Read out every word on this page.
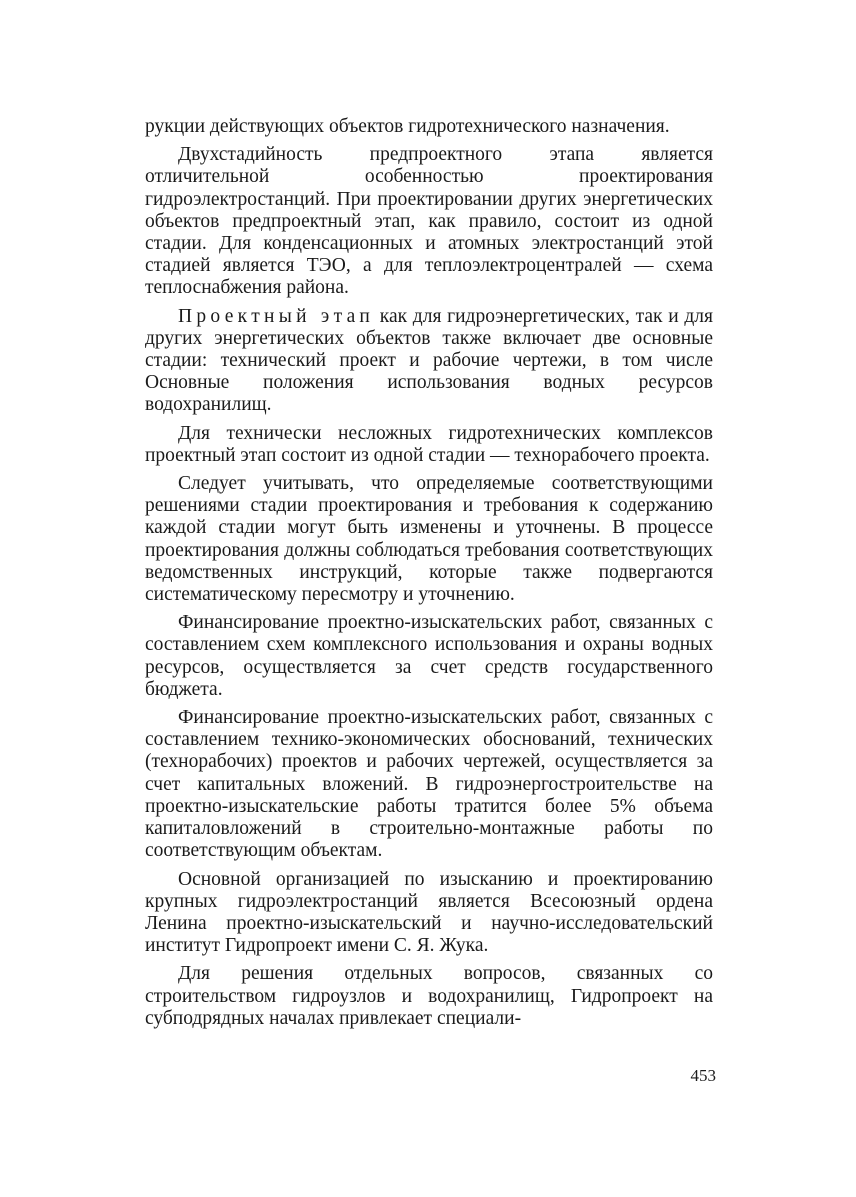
рукции действующих объектов гидротехнического назначения.

Двухстадийность предпроектного этапа является отличительной особенностью проектирования гидроэлектростанций. При проектировании других энергетических объектов предпроектный этап, как правило, состоит из одной стадии. Для конденсационных и атомных электростанций этой стадией является ТЭО, а для теплоэлектроцентралей — схема теплоснабжения района.

Проектный этап как для гидроэнергетических, так и для других энергетических объектов также включает две основные стадии: технический проект и рабочие чертежи, в том числе Основные положения использования водных ресурсов водохранилищ.

Для технически несложных гидротехнических комплексов проектный этап состоит из одной стадии — технорабочего проекта.

Следует учитывать, что определяемые соответствующими решениями стадии проектирования и требования к содержанию каждой стадии могут быть изменены и уточнены. В процессе проектирования должны соблюдаться требования соответствующих ведомственных инструкций, которые также подвергаются систематическому пересмотру и уточнению.

Финансирование проектно-изыскательских работ, связанных с составлением схем комплексного использования и охраны водных ресурсов, осуществляется за счет средств государственного бюджета.

Финансирование проектно-изыскательских работ, связанных с составлением технико-экономических обоснований, технических (технорабочих) проектов и рабочих чертежей, осуществляется за счет капитальных вложений. В гидроэнергостроительстве на проектно-изыскательские работы тратится более 5% объема капиталовложений в строительно-монтажные работы по соответствующим объектам.

Основной организацией по изысканию и проектированию крупных гидроэлектростанций является Всесоюзный ордена Ленина проектно-изыскательский и научно-исследовательский институт Гидропроект имени С. Я. Жука.

Для решения отдельных вопросов, связанных со строительством гидроузлов и водохранилищ, Гидропроект на субподрядных началах привлекает специали-

453
